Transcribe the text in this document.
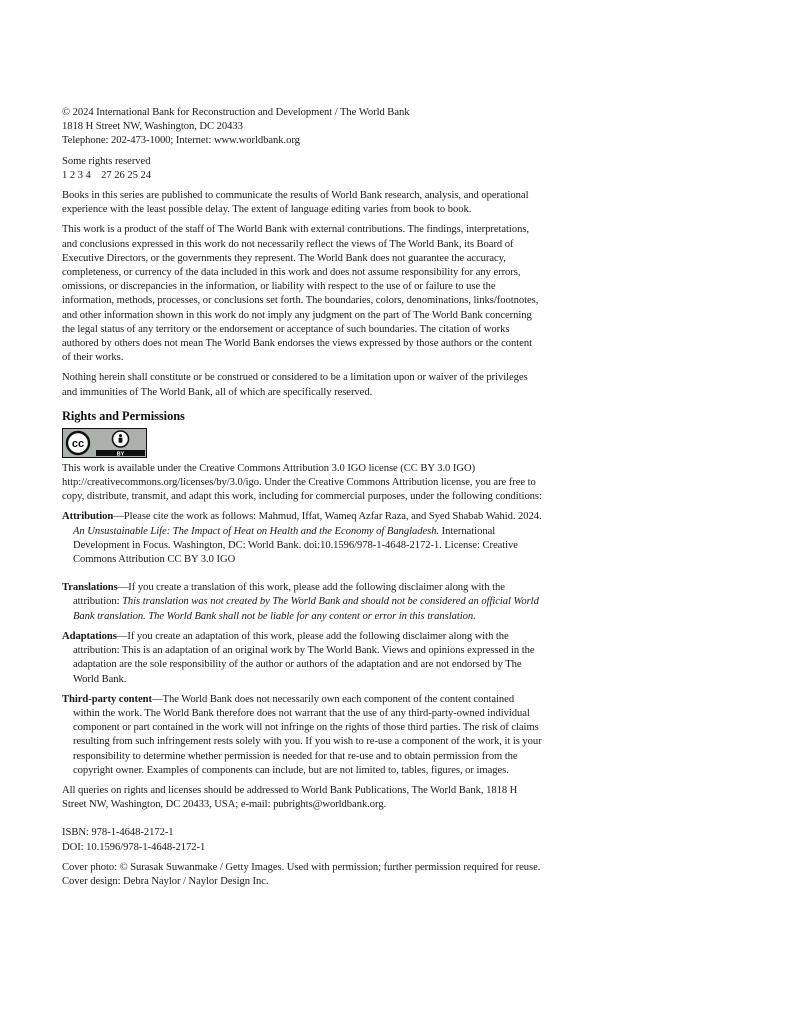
© 2024 International Bank for Reconstruction and Development / The World Bank

1818 H Street NW, Washington, DC 20433

Telephone: 202-473-1000; Internet: www.worldbank.org

Some rights reserved

1 2 3 4    27 26 25 24

Books in this series are published to communicate the results of World Bank research, analysis, and operational experience with the least possible delay. The extent of language editing varies from book to book.

This work is a product of the staff of The World Bank with external contributions. The findings, interpretations, and conclusions expressed in this work do not necessarily reflect the views of The World Bank, its Board of Executive Directors, or the governments they represent. The World Bank does not guarantee the accuracy, completeness, or currency of the data included in this work and does not assume responsibility for any errors, omissions, or discrepancies in the information, or liability with respect to the use of or failure to use the information, methods, processes, or conclusions set forth. The boundaries, colors, denominations, links/footnotes, and other information shown in this work do not imply any judgment on the part of The World Bank concerning the legal status of any territory or the endorsement or acceptance of such boundaries. The citation of works authored by others does not mean The World Bank endorses the views expressed by those authors or the content of their works.

Nothing herein shall constitute or be construed or considered to be a limitation upon or waiver of the privileges and immunities of The World Bank, all of which are specifically reserved.

Rights and Permissions

cc
BY

This work is available under the Creative Commons Attribution 3.0 IGO license (CC BY 3.0 IGO) http://creativecommons.org/licenses/by/3.0/igo. Under the Creative Commons Attribution license, you are free to copy, distribute, transmit, and adapt this work, including for commercial purposes, under the following conditions:

Attribution—Please cite the work as follows: Mahmud, Iffat, Wameq Azfar Raza, and Syed Shabab Wahid. 2024. An Unsustainable Life: The Impact of Heat on Health and the Economy of Bangladesh. International Development in Focus. Washington, DC: World Bank. doi:10.1596/978-1-4648-2172-1. License: Creative Commons Attribution CC BY 3.0 IGO

Translations—If you create a translation of this work, please add the following disclaimer along with the attribution: This translation was not created by The World Bank and should not be considered an official World Bank translation. The World Bank shall not be liable for any content or error in this translation.

Adaptations—If you create an adaptation of this work, please add the following disclaimer along with the attribution: This is an adaptation of an original work by The World Bank. Views and opinions expressed in the adaptation are the sole responsibility of the author or authors of the adaptation and are not endorsed by The World Bank.

Third-party content—The World Bank does not necessarily own each component of the content contained within the work. The World Bank therefore does not warrant that the use of any third-party-owned individual component or part contained in the work will not infringe on the rights of those third parties. The risk of claims resulting from such infringement rests solely with you. If you wish to re-use a component of the work, it is your responsibility to determine whether permission is needed for that re-use and to obtain permission from the copyright owner. Examples of components can include, but are not limited to, tables, figures, or images.

All queries on rights and licenses should be addressed to World Bank Publications, The World Bank, 1818 H Street NW, Washington, DC 20433, USA; e-mail: pubrights@worldbank.org.

ISBN: 978-1-4648-2172-1

DOI: 10.1596/978-1-4648-2172-1

Cover photo: © Surasak Suwanmake / Getty Images. Used with permission; further permission required for reuse.

Cover design: Debra Naylor / Naylor Design Inc.
